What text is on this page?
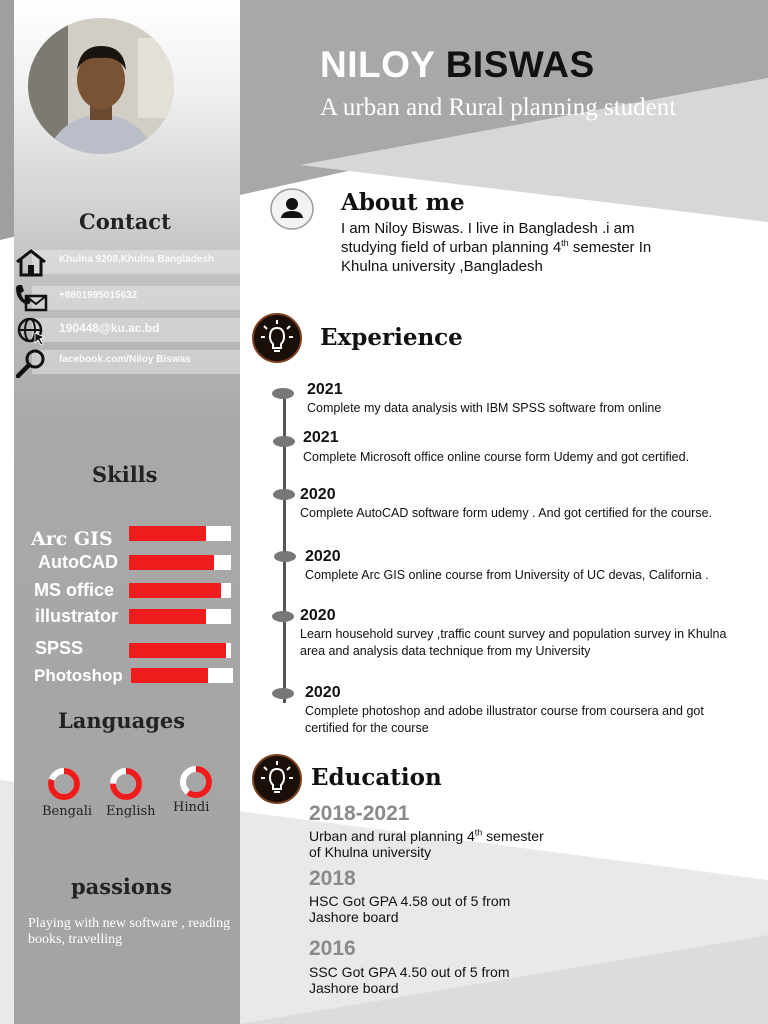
Contact
Khulna 9208,Khulna Bangladesh
+8801995015632
190448@ku.ac.bd
facebook.com/Niloy Biswas
Skills
Arc GIS
AutoCAD
MS office
illustrator
SPSS
Photoshop
Languages
Bengali English Hindi
passions
Playing with new software , reading books, travelling
NILOY BISWAS
A urban and Rural planning student
About me
I am Niloy Biswas. I live in Bangladesh .i am studying field of urban planning 4th semester In Khulna university ,Bangladesh
Experience
2021
Complete my data analysis with IBM SPSS software from online
2021
Complete Microsoft office online course form Udemy and got certified.
2020
Complete AutoCAD software form udemy . And got certified for the course.
2020
Complete Arc GIS online course from University of UC devas, California .
2020
Learn household survey ,traffic count survey and population survey in Khulna area and analysis data technique from my University
2020
Complete photoshop and adobe illustrator course from coursera and got certified for the course
Education
2018-2021
Urban and rural planning 4th semester of Khulna university
2018
HSC Got GPA 4.58 out of 5 from Jashore board
2016
SSC Got GPA 4.50 out of 5 from Jashore board
